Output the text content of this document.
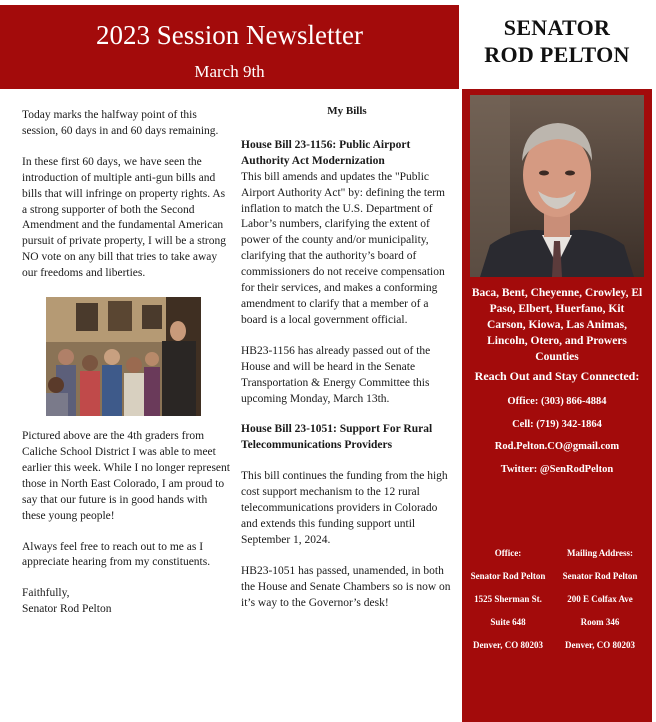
2023 Session Newsletter
March 9th
SENATOR
ROD PELTON
Baca, Bent, Cheyenne, Crowley, El Paso, Elbert, Huerfano, Kit Carson, Kiowa, Las Animas, Lincoln, Otero, and Prowers Counties
Reach Out and Stay Connected:
Office: (303) 866-4884
Cell: (719) 342-1864
Rod.Pelton.CO@gmail.com
Twitter: @SenRodPelton
Office:
Senator Rod Pelton
1525 Sherman St.
Suite 648
Denver, CO 80203
Mailing Address:
Senator Rod Pelton
200 E Colfax Ave
Room 346
Denver, CO 80203

Today marks the halfway point of this session, 60 days in and 60 days remaining.

In these first 60 days, we have seen the introduction of multiple anti-gun bills and bills that will infringe on property rights. As a strong supporter of both the Second Amendment and the fundamental American pursuit of private property, I will be a strong NO vote on any bill that tries to take away our freedoms and liberties.

Pictured above are the 4th graders from Caliche School District I was able to meet earlier this week. While I no longer represent those in North East Colorado, I am proud to say that our future is in good hands with these young people!

Always feel free to reach out to me as I appreciate hearing from my constituents.

Faithfully,
Senator Rod Pelton
My Bills
House Bill 23-1156: Public Airport Authority Act Modernization

This bill amends and updates the "Public Airport Authority Act" by: defining the term inflation to match the U.S. Department of Labor’s numbers, clarifying the extent of power of the county and/or municipality, clarifying that the authority’s board of commissioners do not receive compensation for their services, and makes a conforming amendment to clarify that a member of a board is a local government official.

HB23-1156 has already passed out of the House and will be heard in the Senate Transportation & Energy Committee this upcoming Monday, March 13th.

House Bill 23-1051: Support For Rural Telecommunications Providers

This bill continues the funding from the high cost support mechanism to the 12 rural telecommunications providers in Colorado and extends this funding support until September 1, 2024.

HB23-1051 has passed, unamended, in both the House and Senate Chambers so is now on it’s way to the Governor’s desk!
